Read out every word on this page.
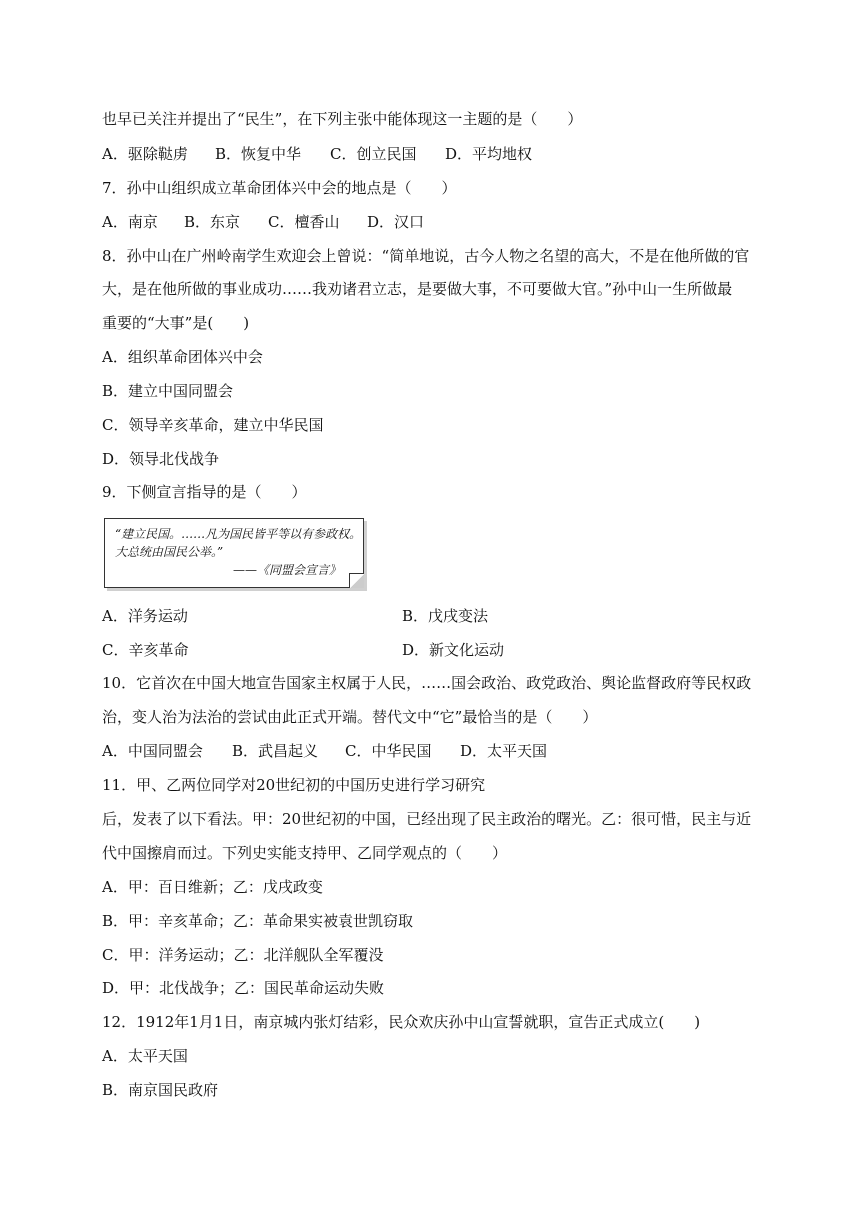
也早已关注并提出了“民生”，在下列主张中能体现这一主题的是（　　）
A．驱除鞑虏 B．恢复中华 C．创立民国 D．平均地权
7．孙中山组织成立革命团体兴中会的地点是（　　）
A．南京 B．东京 C．檀香山 D．汉口
8．孙中山在广州岭南学生欢迎会上曾说：“简单地说，古今人物之名望的高大，不是在他所做的官
大，是在他所做的事业成功……我劝诸君立志，是要做大事，不可要做大官。”孙中山一生所做最
重要的“大事”是(　　)
A．组织革命团体兴中会
B．建立中国同盟会
C．领导辛亥革命，建立中华民国
D．领导北伐战争
9．下侧宣言指导的是（　　）
“建立民国。……凡为国民皆平等以有参政权。
大总统由国民公举。”
——《同盟会宣言》
A．洋务运动	B．戊戌变法
C．辛亥革命	D．新文化运动
10．它首次在中国大地宣告国家主权属于人民，……国会政治、政党政治、舆论监督政府等民权政
治，变人治为法治的尝试由此正式开端。替代文中“它”最恰当的是（　　）
A．中国同盟会 B．武昌起义 C．中华民国 D．太平天国
11．甲、乙两位同学对20世纪初的中国历史进行学习研究
后，发表了以下看法。甲：20世纪初的中国，已经出现了民主政治的曙光。乙：很可惜，民主与近
代中国擦肩而过。下列史实能支持甲、乙同学观点的（　　）
A．甲：百日维新；乙：戊戌政变
B．甲：辛亥革命；乙：革命果实被袁世凯窃取
C．甲：洋务运动；乙：北洋舰队全军覆没
D．甲：北伐战争；乙：国民革命运动失败
12．1912年1月1日，南京城内张灯结彩，民众欢庆孙中山宣誓就职，宣告正式成立(　　)
A．太平天国
B．南京国民政府
